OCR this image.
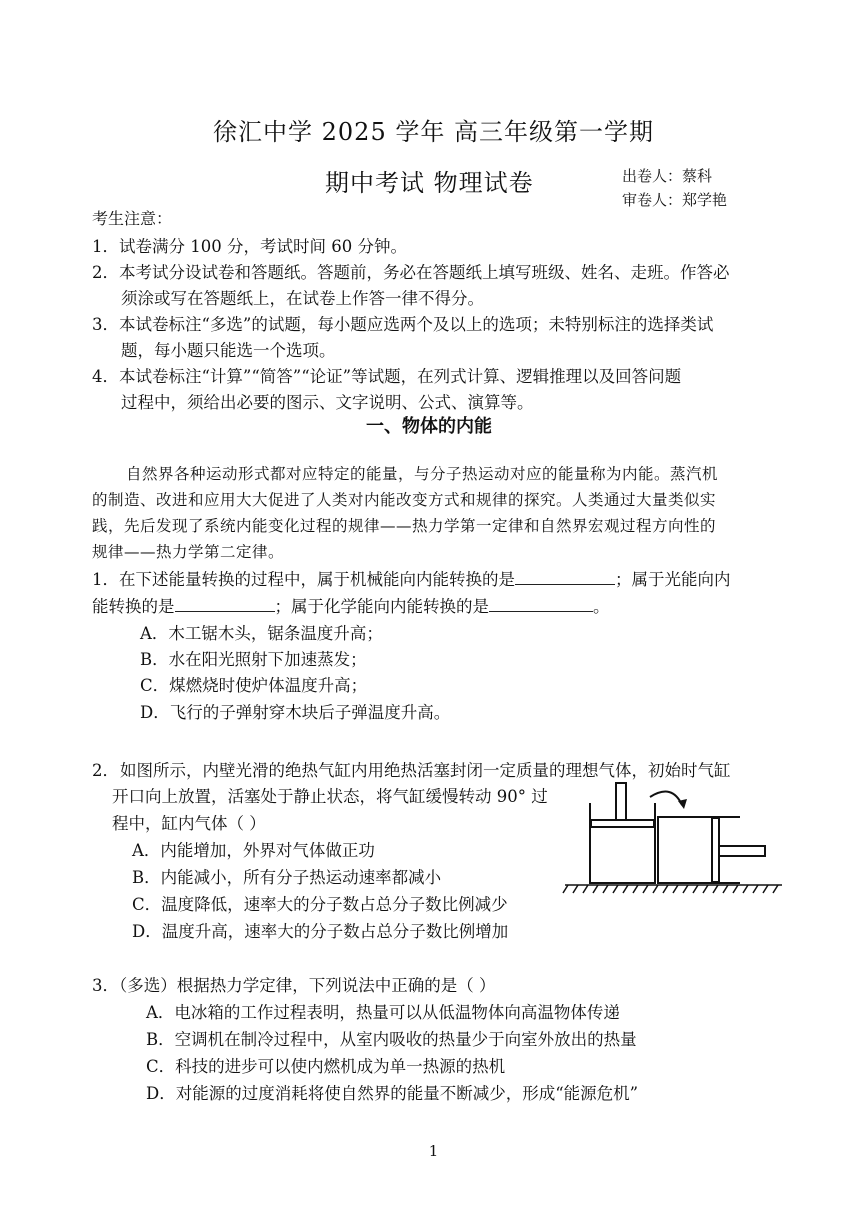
徐汇中学 2025 学年 高三年级第一学期
期中考试 物理试卷	出卷人：蔡科
审卷人：郑学艳
考生注意：
1．试卷满分 100 分，考试时间 60 分钟。
2．本考试分设试卷和答题纸。答题前，务必在答题纸上填写班级、姓名、走班。作答必
须涂或写在答题纸上，在试卷上作答一律不得分。
3．本试卷标注“多选”的试题，每小题应选两个及以上的选项；未特别标注的选择类试
题，每小题只能选一个选项。
4．本试卷标注“计算”“简答”“论证”等试题，在列式计算、逻辑推理以及回答问题
过程中，须给出必要的图示、文字说明、公式、演算等。
一、物体的内能
自然界各种运动形式都对应特定的能量，与分子热运动对应的能量称为内能。蒸汽机
的制造、改进和应用大大促进了人类对内能改变方式和规律的探究。人类通过大量类似实
践，先后发现了系统内能变化过程的规律——热力学第一定律和自然界宏观过程方向性的
规律——热力学第二定律。
1．在下述能量转换的过程中，属于机械能向内能转换的是	；属于光能向内
能转换的是	；属于化学能向内能转换的是	。
A．木工锯木头，锯条温度升高；
B．水在阳光照射下加速蒸发；
C．煤燃烧时使炉体温度升高；
D．飞行的子弹射穿木块后子弹温度升高。
2． 如图所示，内壁光滑的绝热气缸内用绝热活塞封闭一定质量的理想气体，初始时气缸
开口向上放置，活塞处于静止状态，将气缸缓慢转动 90° 过
程中，缸内气体（ ）
A．内能增加，外界对气体做正功
B．内能减小，所有分子热运动速率都减小
C．温度降低，速率大的分子数占总分子数比例减少
D．温度升高，速率大的分子数占总分子数比例增加
3．（多选）根据热力学定律，下列说法中正确的是（ ）
A．电冰箱的工作过程表明，热量可以从低温物体向高温物体传递
B．空调机在制冷过程中，从室内吸收的热量少于向室外放出的热量
C．科技的进步可以使内燃机成为单一热源的热机
D．对能源的过度消耗将使自然界的能量不断减少，形成“能源危机”
1
